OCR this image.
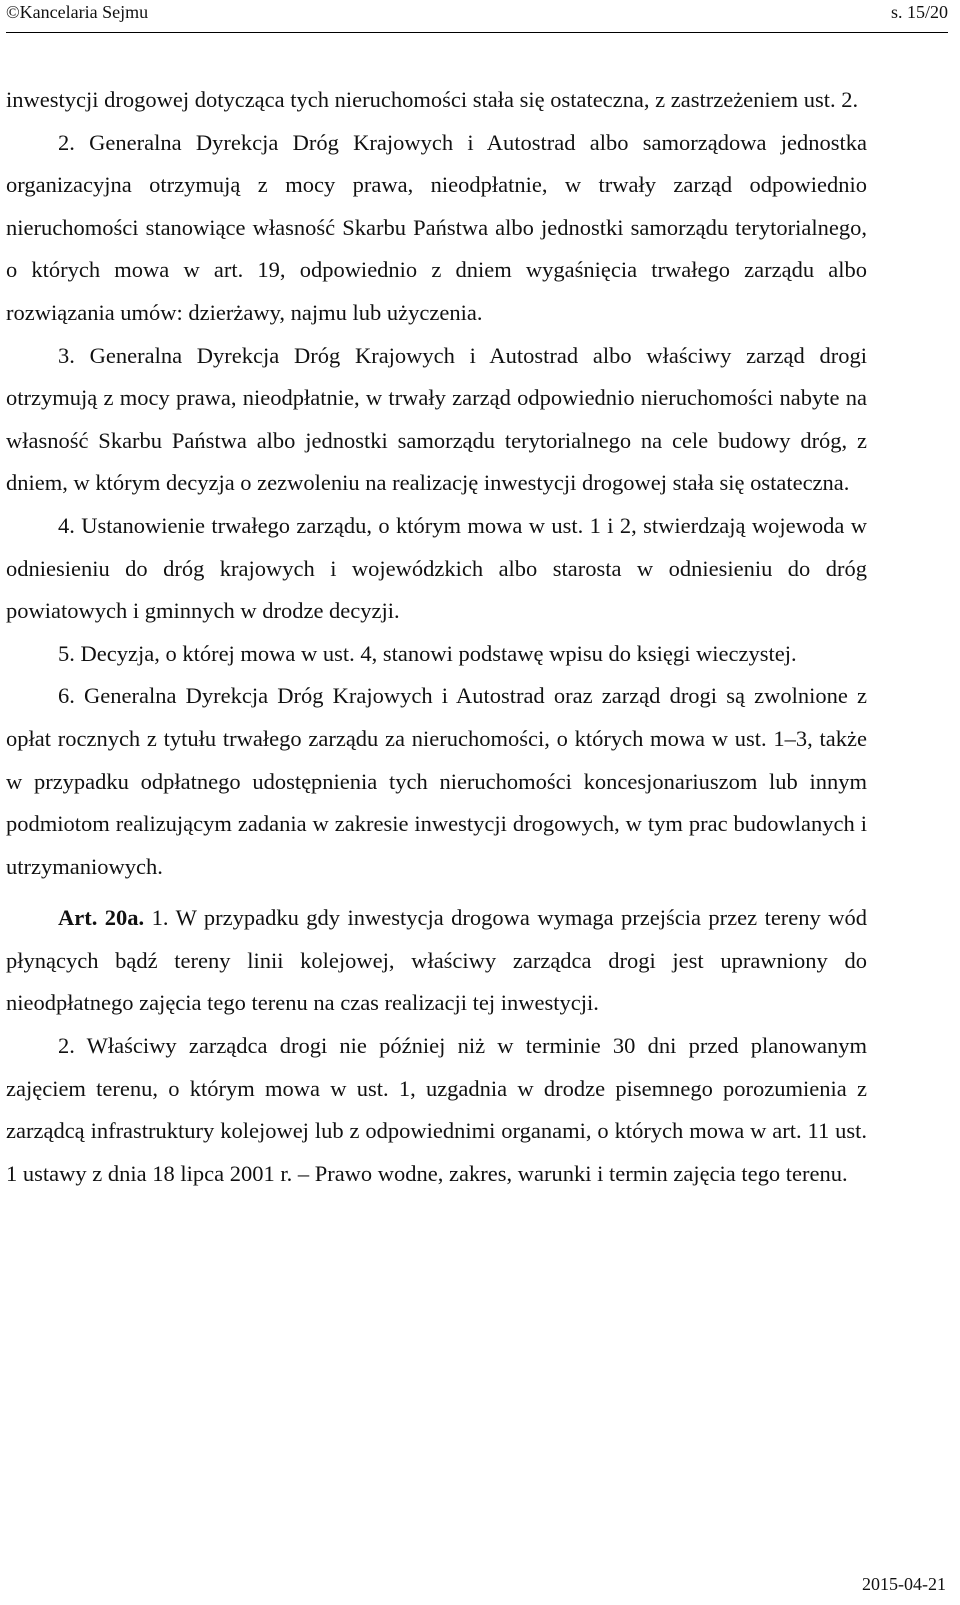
©Kancelaria Sejmu	s. 15/20

inwestycji drogowej dotycząca tych nieruchomości stała się ostateczna, z zastrzeżeniem ust. 2.

2. Generalna Dyrekcja Dróg Krajowych i Autostrad albo samorządowa jednostka organizacyjna otrzymują z mocy prawa, nieodpłatnie, w trwały zarząd odpowiednio nieruchomości stanowiące własność Skarbu Państwa albo jednostki samorządu terytorialnego, o których mowa w art. 19, odpowiednio z dniem wygaśnięcia trwałego zarządu albo rozwiązania umów: dzierżawy, najmu lub użyczenia.

3. Generalna Dyrekcja Dróg Krajowych i Autostrad albo właściwy zarząd drogi otrzymują z mocy prawa, nieodpłatnie, w trwały zarząd odpowiednio nieruchomości nabyte na własność Skarbu Państwa albo jednostki samorządu terytorialnego na cele budowy dróg, z dniem, w którym decyzja o zezwoleniu na realizację inwestycji drogowej stała się ostateczna.

4. Ustanowienie trwałego zarządu, o którym mowa w ust. 1 i 2, stwierdzają wojewoda w odniesieniu do dróg krajowych i wojewódzkich albo starosta w odniesieniu do dróg powiatowych i gminnych w drodze decyzji.

5. Decyzja, o której mowa w ust. 4, stanowi podstawę wpisu do księgi wieczystej.

6. Generalna Dyrekcja Dróg Krajowych i Autostrad oraz zarząd drogi są zwolnione z opłat rocznych z tytułu trwałego zarządu za nieruchomości, o których mowa w ust. 1–3, także w przypadku odpłatnego udostępnienia tych nieruchomości koncesjonariuszom lub innym podmiotom realizującym zadania w zakresie inwestycji drogowych, w tym prac budowlanych i utrzymaniowych.

Art. 20a. 1. W przypadku gdy inwestycja drogowa wymaga przejścia przez tereny wód płynących bądź tereny linii kolejowej, właściwy zarządca drogi jest uprawniony do nieodpłatnego zajęcia tego terenu na czas realizacji tej inwestycji.

2. Właściwy zarządca drogi nie później niż w terminie 30 dni przed planowanym zajęciem terenu, o którym mowa w ust. 1, uzgadnia w drodze pisemnego porozumienia z zarządcą infrastruktury kolejowej lub z odpowiednimi organami, o których mowa w art. 11 ust. 1 ustawy z dnia 18 lipca 2001 r. – Prawo wodne, zakres, warunki i termin zajęcia tego terenu.

2015-04-21
